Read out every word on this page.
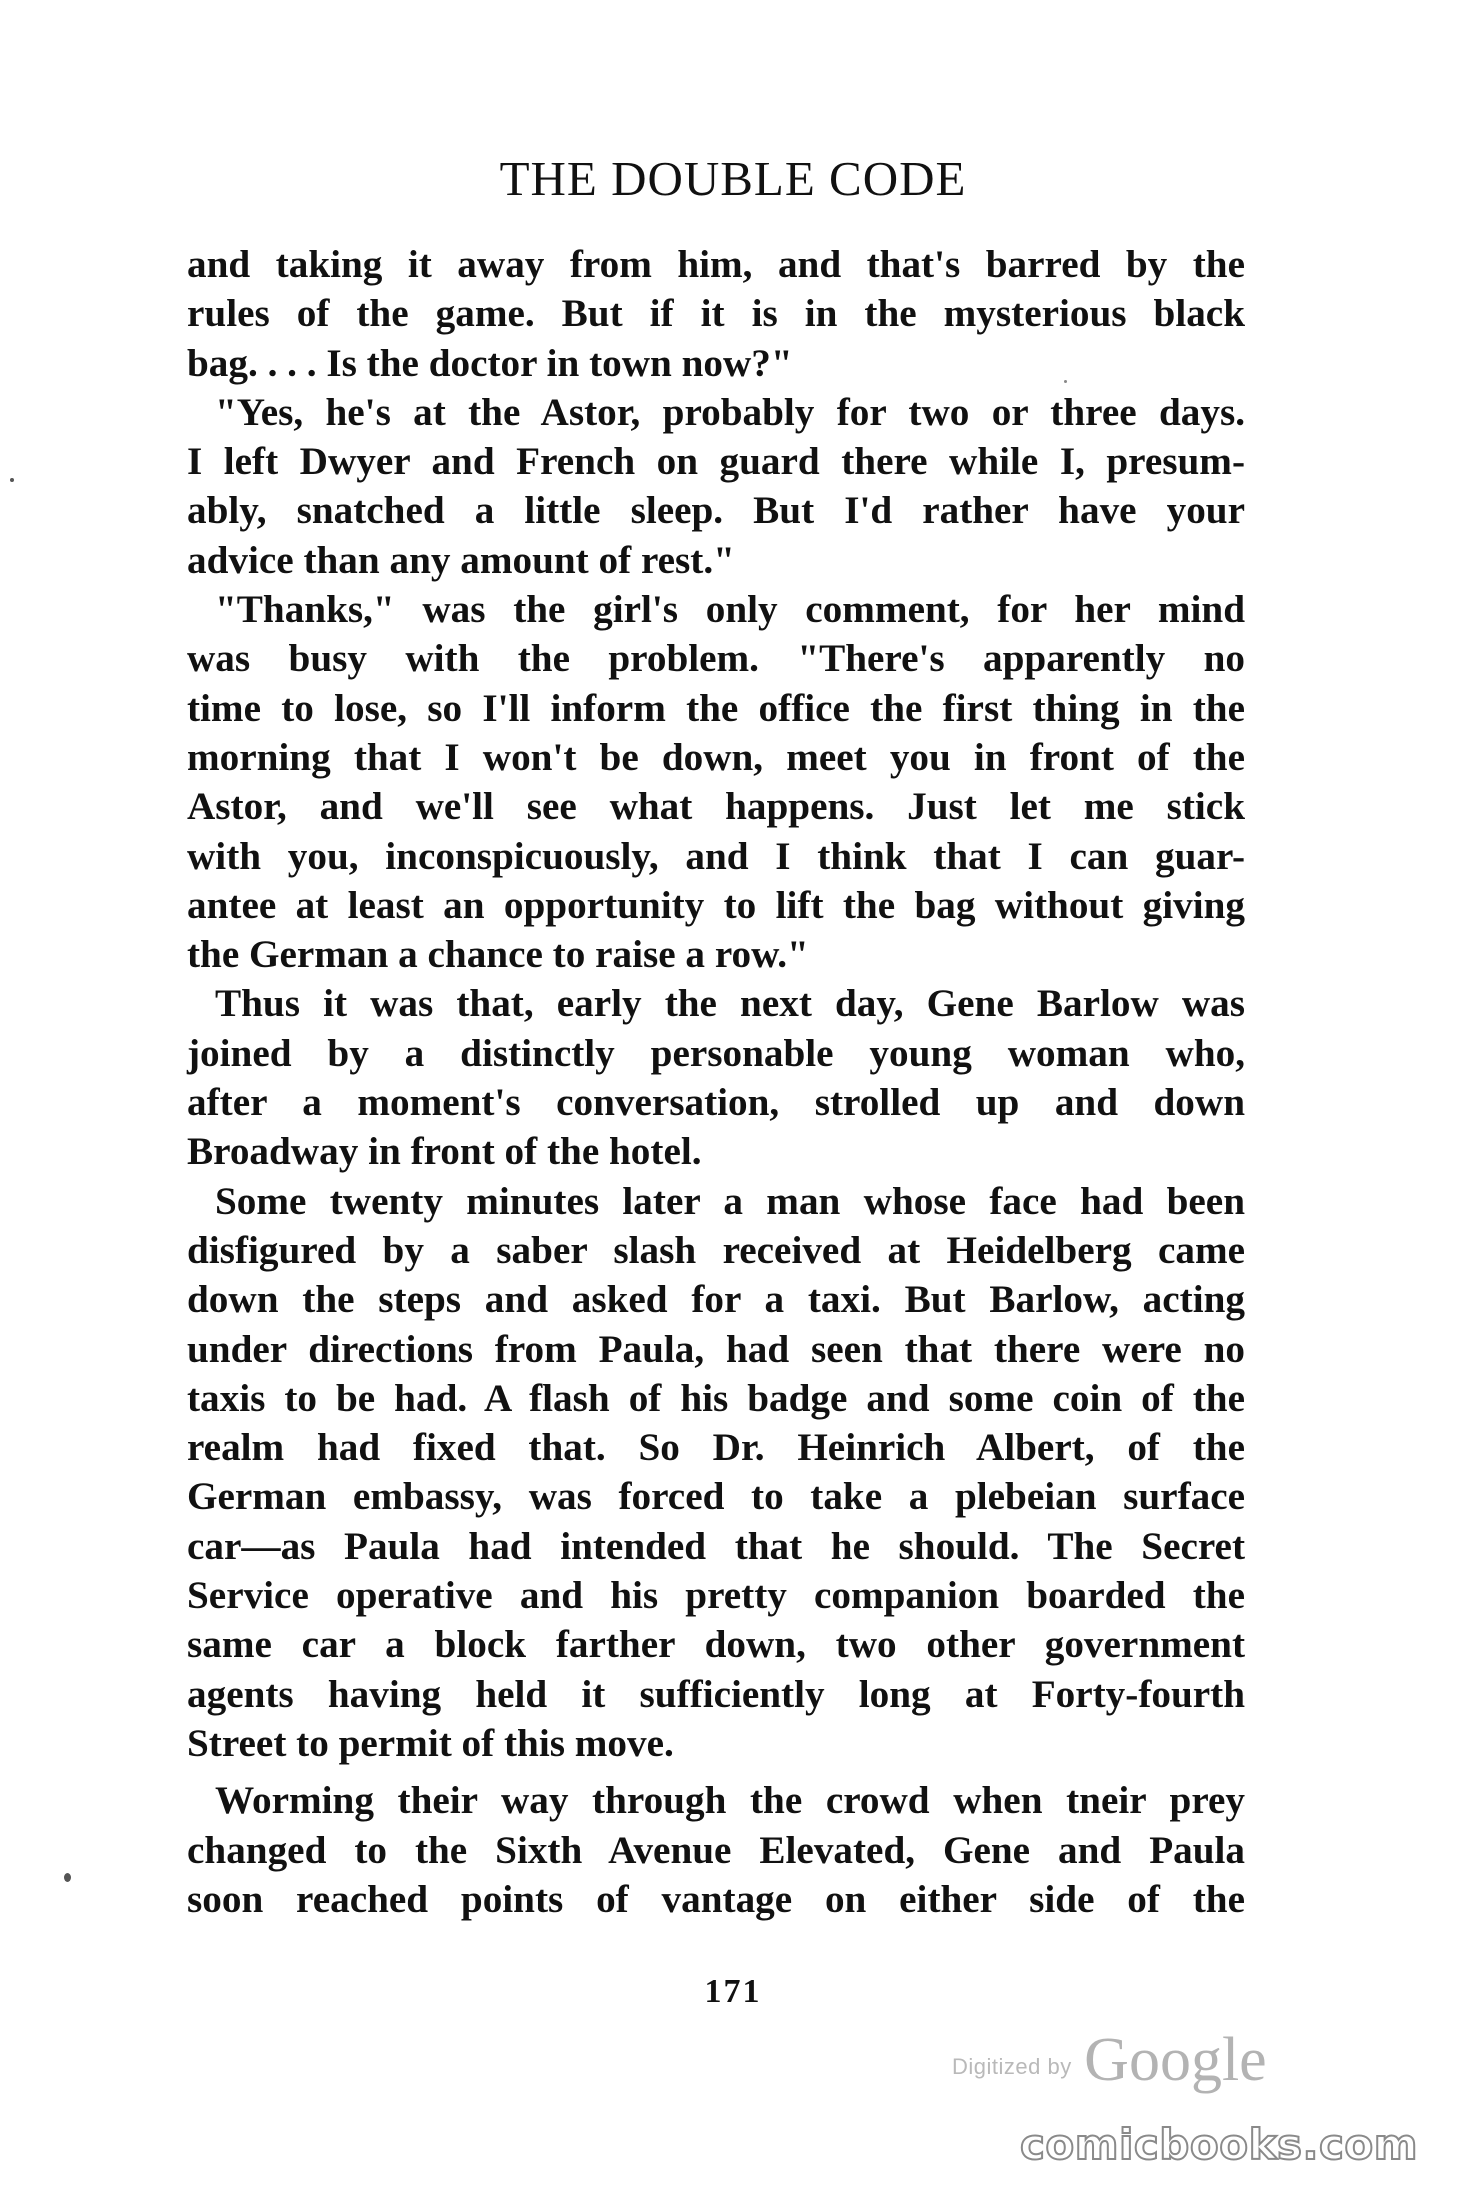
THE DOUBLE CODE

and taking it away from him, and that's barred by the
rules of the game. But if it is in the mysterious black
bag. . . . Is the doctor in town now?"

"Yes, he's at the Astor, probably for two or three days.
I left Dwyer and French on guard there while I, presum-
ably, snatched a little sleep. But I'd rather have your
advice than any amount of rest."

"Thanks," was the girl's only comment, for her mind
was busy with the problem. "There's apparently no
time to lose, so I'll inform the office the first thing in the
morning that I won't be down, meet you in front of the
Astor, and we'll see what happens. Just let me stick
with you, inconspicuously, and I think that I can guar-
antee at least an opportunity to lift the bag without giving
the German a chance to raise a row."

Thus it was that, early the next day, Gene Barlow was
joined by a distinctly personable young woman who,
after a moment's conversation, strolled up and down
Broadway in front of the hotel.

Some twenty minutes later a man whose face had been
disfigured by a saber slash received at Heidelberg came
down the steps and asked for a taxi. But Barlow, acting
under directions from Paula, had seen that there were no
taxis to be had. A flash of his badge and some coin of the
realm had fixed that. So Dr. Heinrich Albert, of the
German embassy, was forced to take a plebeian surface
car—as Paula had intended that he should. The Secret
Service operative and his pretty companion boarded the
same car a block farther down, two other government
agents having held it sufficiently long at Forty-fourth
Street to permit of this move.

Worming their way through the crowd when tneir prey
changed to the Sixth Avenue Elevated, Gene and Paula
soon reached points of vantage on either side of the

171
Digitized by Google
comicbooks.com
